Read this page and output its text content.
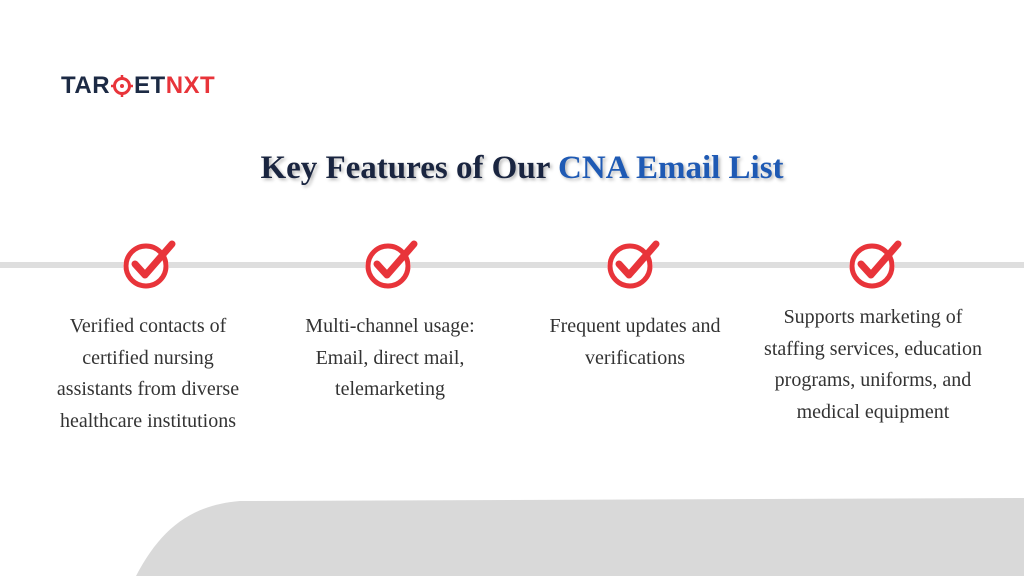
TAR ET NXT
Key Features of Our CNA Email List
Verified contacts of certified nursing assistants from diverse healthcare institutions
Multi-channel usage: Email, direct mail, telemarketing
Frequent updates and verifications
Supports marketing of staffing services, education programs, uniforms, and medical equipment
